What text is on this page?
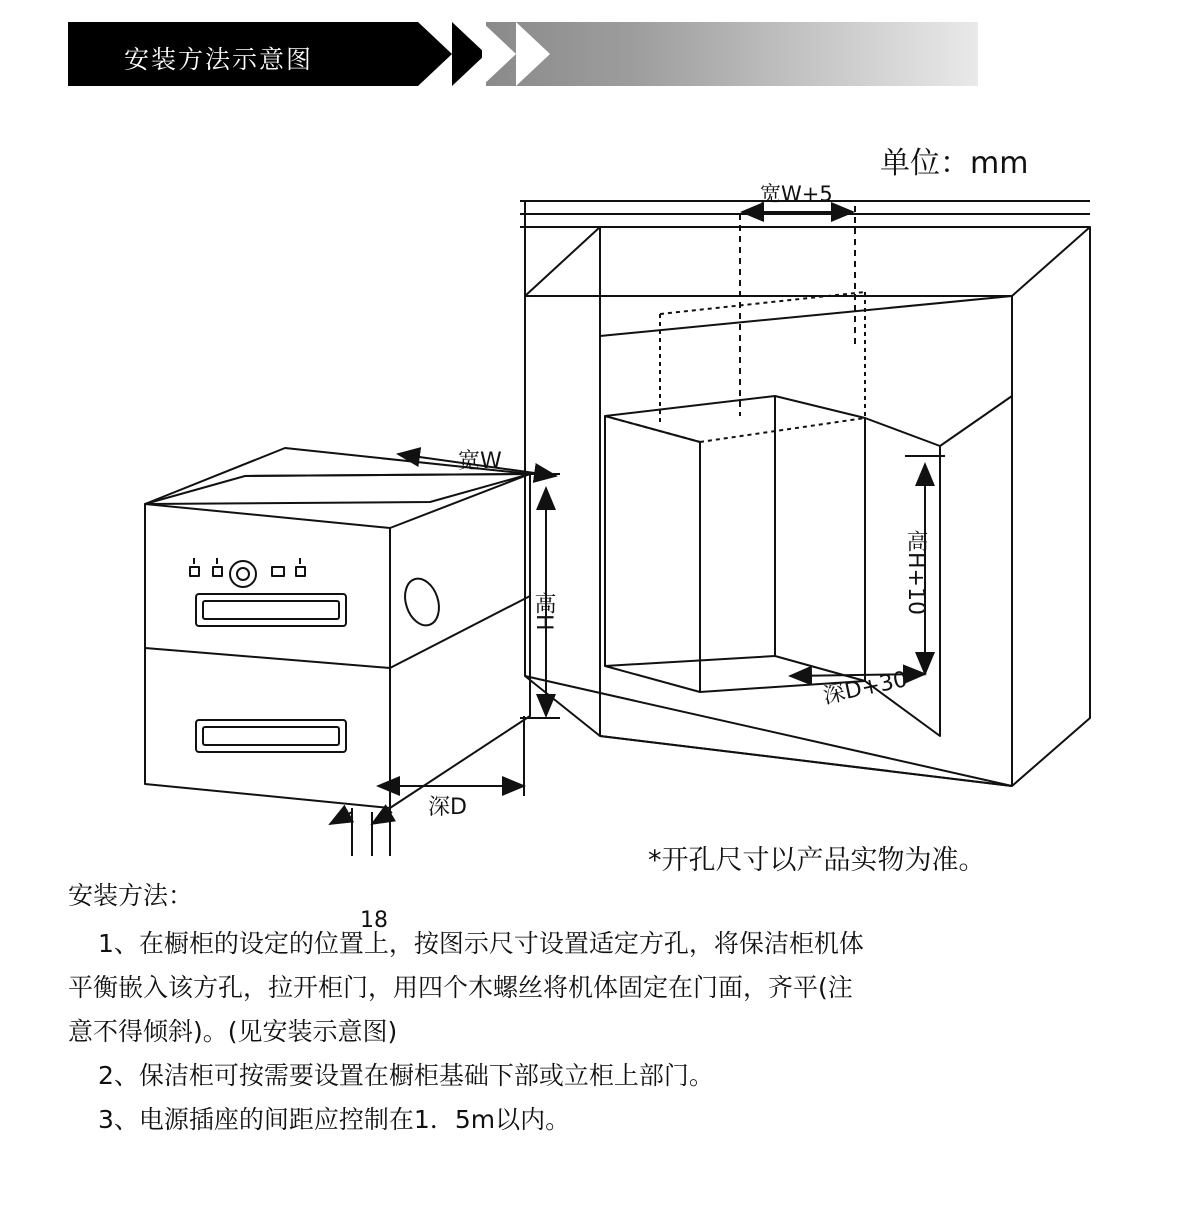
安装方法示意图
单位：mm
宽W+5
宽W
高H	高H+10
深D
深D+30
18
*开孔尺寸以产品实物为准。

安装方法：

1、在橱柜的设定的位置上，按图示尺寸设置适定方孔，将保洁柜机体

平衡嵌入该方孔，拉开柜门，用四个木螺丝将机体固定在门面，齐平(注

意不得倾斜)。(见安装示意图)

2、保洁柜可按需要设置在橱柜基础下部或立柜上部门。

3、电源插座的间距应控制在1．5m以内。
